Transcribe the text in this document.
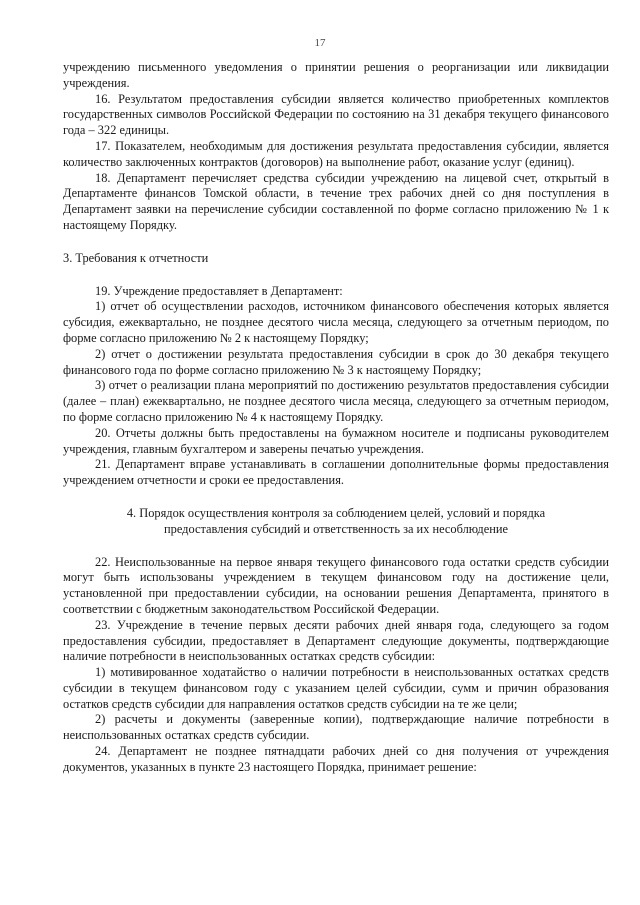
17

учреждению письменного уведомления о принятии решения о реорганизации или ликвидации учреждения.

16. Результатом предоставления субсидии является количество приобретенных комплектов государственных символов Российской Федерации по состоянию на 31 декабря текущего финансового года – 322 единицы.

17. Показателем, необходимым для достижения результата предоставления субсидии, является количество заключенных контрактов (договоров) на выполнение работ, оказание услуг (единиц).

18. Департамент перечисляет средства субсидии учреждению на лицевой счет, открытый в Департаменте финансов Томской области, в течение трех рабочих дней со дня поступления в Департамент заявки на перечисление субсидии составленной по форме согласно приложению № 1 к настоящему Порядку.

3. Требования к отчетности

19. Учреждение предоставляет в Департамент:

1) отчет об осуществлении расходов, источником финансового обеспечения которых является субсидия, ежеквартально, не позднее десятого числа месяца, следующего за отчетным периодом, по форме согласно приложению № 2 к настоящему Порядку;

2) отчет о достижении результата предоставления субсидии в срок до 30 декабря текущего финансового года по форме согласно приложению № 3 к настоящему Порядку;

3) отчет о реализации плана мероприятий по достижению результатов предоставления субсидии (далее – план) ежеквартально, не позднее десятого числа месяца, следующего за отчетным периодом, по форме согласно приложению № 4 к настоящему Порядку.

20. Отчеты должны быть предоставлены на бумажном носителе и подписаны руководителем учреждения, главным бухгалтером и заверены печатью учреждения.

21. Департамент вправе устанавливать в соглашении дополнительные формы предоставления учреждением отчетности и сроки ее предоставления.

4. Порядок осуществления контроля за соблюдением целей, условий и порядка
предоставления субсидий и ответственность за их несоблюдение

22. Неиспользованные на первое января текущего финансового года остатки средств субсидии могут быть использованы учреждением в текущем финансовом году на достижение цели, установленной при предоставлении субсидии, на основании решения Департамента, принятого в соответствии с бюджетным законодательством Российской Федерации.

23. Учреждение в течение первых десяти рабочих дней января года, следующего за годом предоставления субсидии, предоставляет в Департамент следующие документы, подтверждающие наличие потребности в неиспользованных остатках средств субсидии:

1) мотивированное ходатайство о наличии потребности в неиспользованных остатках средств субсидии в текущем финансовом году с указанием целей субсидии, сумм и причин образования остатков средств субсидии для направления остатков средств субсидии на те же цели;

2) расчеты и документы (заверенные копии), подтверждающие наличие потребности в неиспользованных остатках средств субсидии.

24. Департамент не позднее пятнадцати рабочих дней со дня получения от учреждения документов, указанных в пункте 23 настоящего Порядка, принимает решение:
